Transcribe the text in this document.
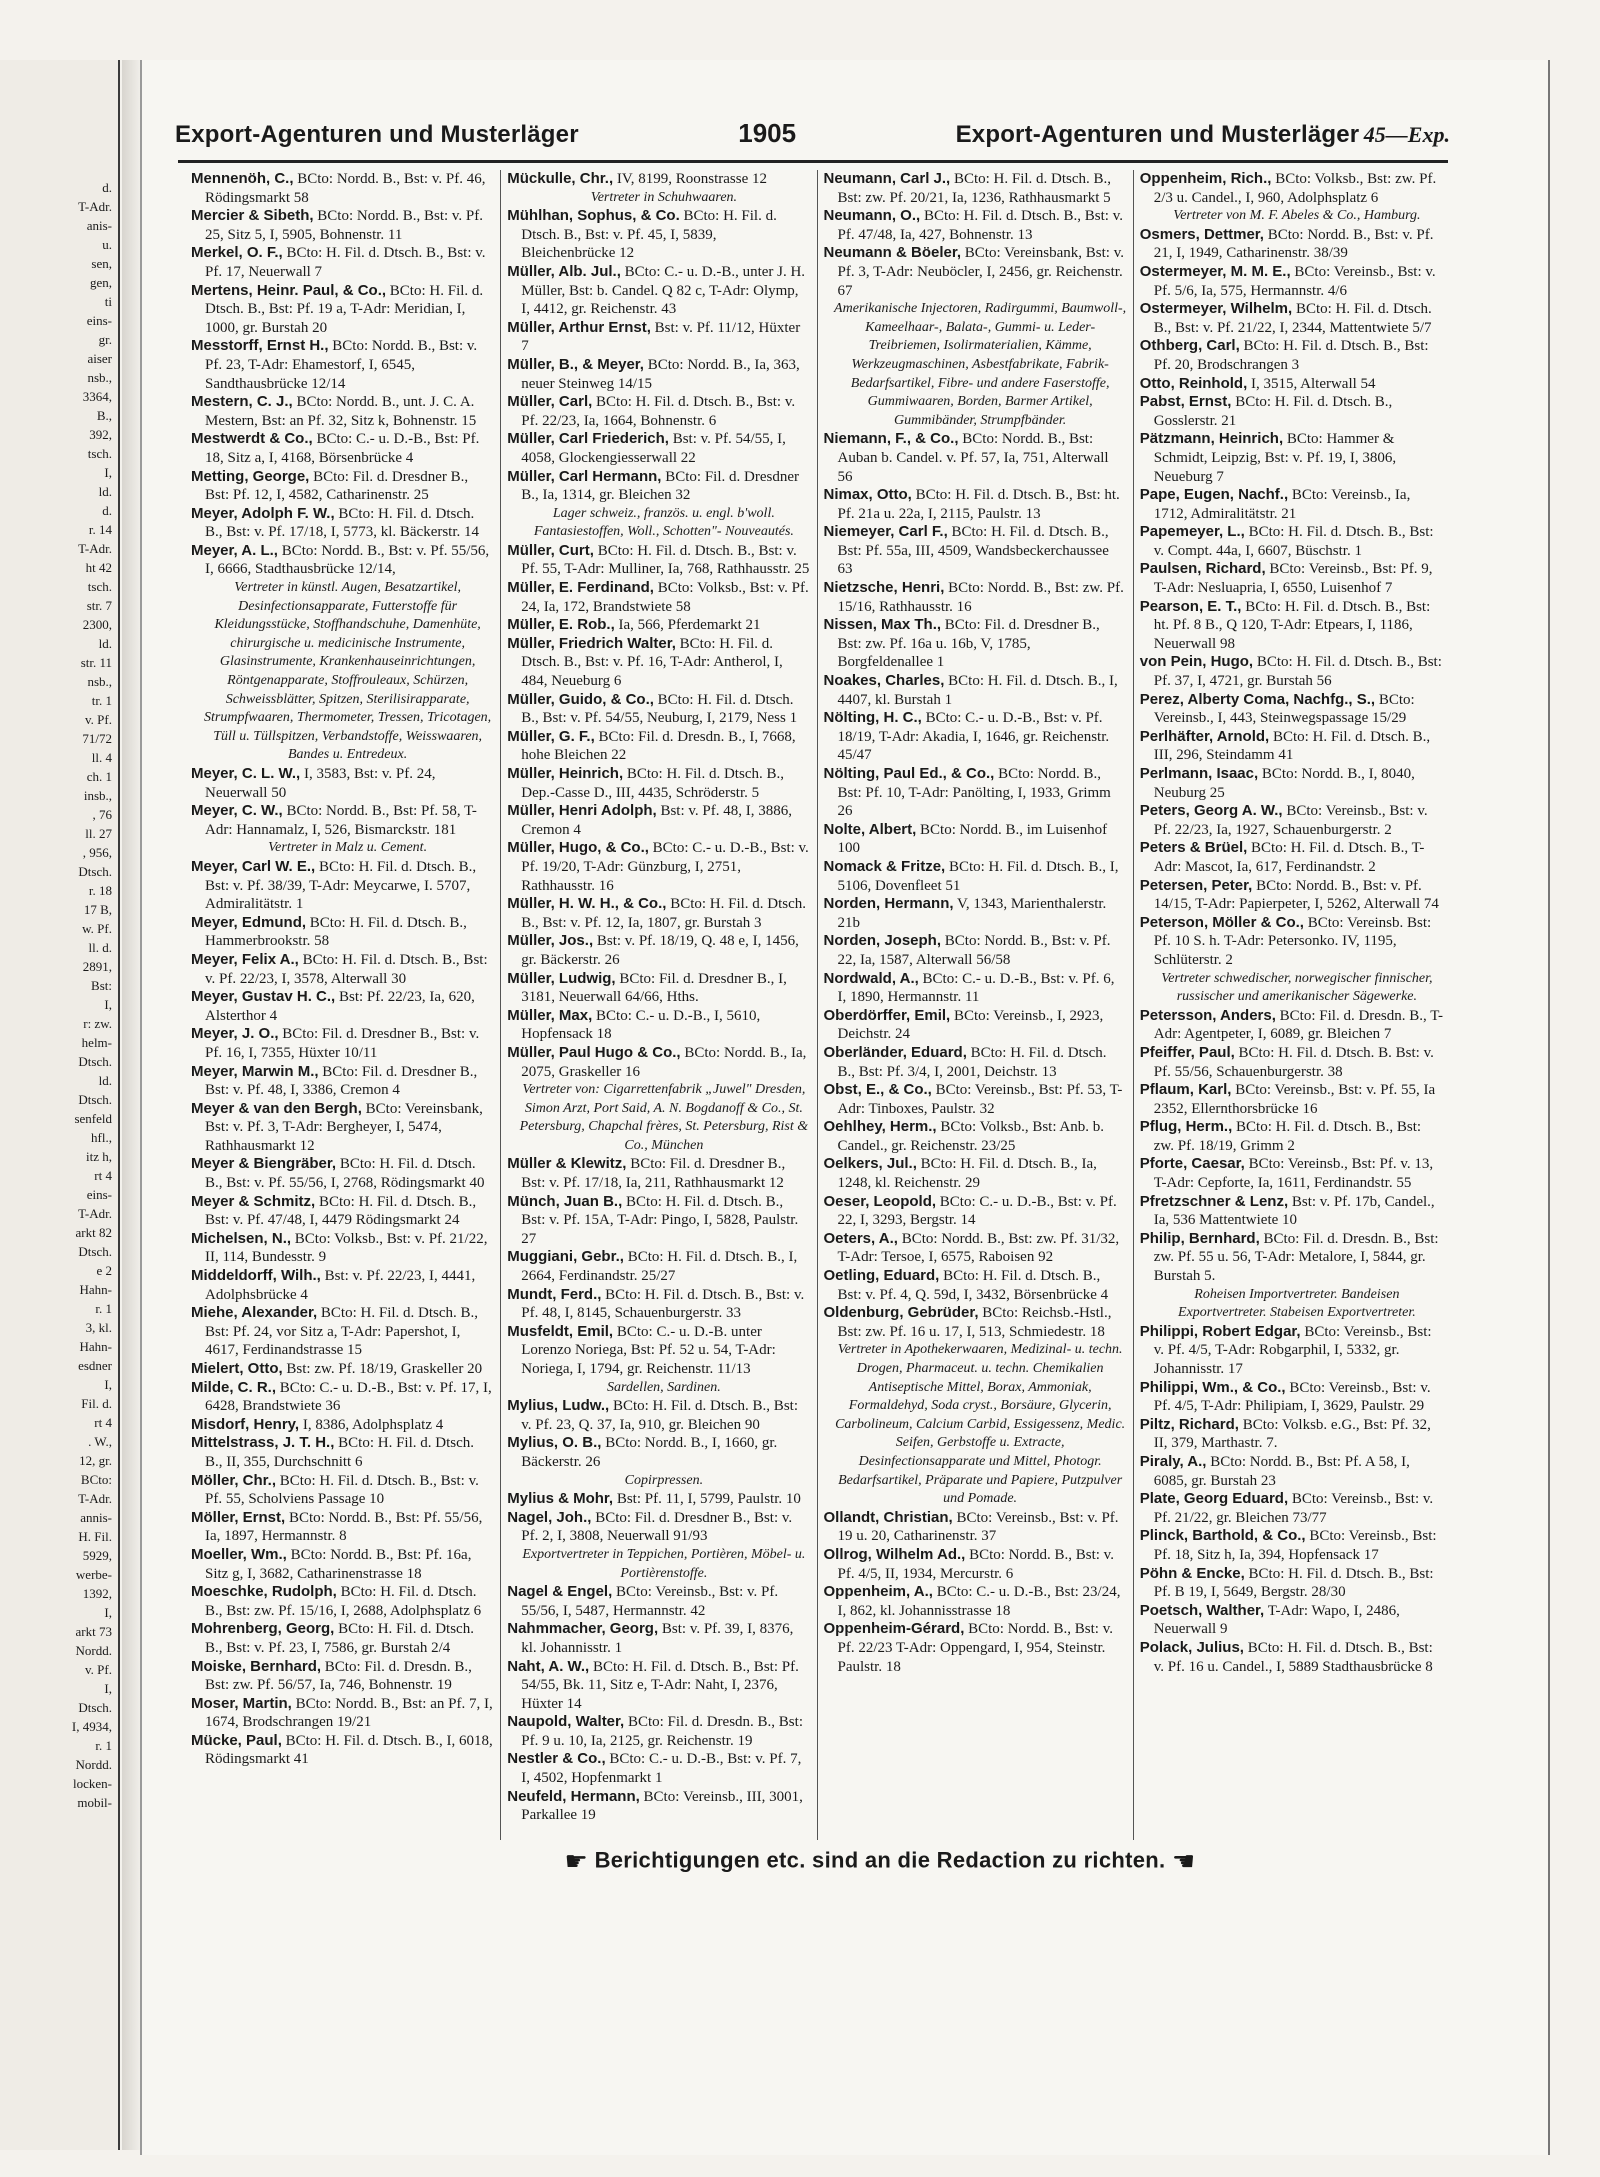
d.
T-Adr.
anis-
u.
sen,
gen,
ti
eins-
gr.
aiser
nsb.,
3364,
B.,
392,
tsch.
I,
ld.
d.
r. 14
T-Adr.
ht 42
tsch.
str. 7
2300,
ld.
str. 11
nsb.,
tr. 1
v. Pf.
71/72
ll. 4
ch. 1
insb.,
, 76
ll. 27
, 956,
Dtsch.
r. 18
17 B,
w. Pf.
ll. d.
2891,
Bst:
I,
r: zw.
helm-
Dtsch.
ld.
Dtsch.
senfeld
hfl.,
itz h,
rt 4
eins-
T-Adr.
arkt 82
Dtsch.
e 2
Hahn-
r. 1
3, kl.
Hahn-
esdner
I,
Fil. d.
rt 4
. W.,
12, gr.
BCto:
T-Adr.
annis-
H. Fil.
5929,
werbe-
1392,
I,
arkt 73
Nordd.
v. Pf.
I,
Dtsch.
I, 4934,
r. 1
Nordd.
locken-
mobil-
Export-Agenturen und Musterläger	1905	Export-Agenturen und Musterläger 45—Exp.
Mennenöh, C., BCto: Nordd. B., Bst: v. Pf. 46, Rödingsmarkt 58
Mercier & Sibeth, BCto: Nordd. B., Bst: v. Pf. 25, Sitz 5, I, 5905, Bohnenstr. 11
Merkel, O. F., BCto: H. Fil. d. Dtsch. B., Bst: v. Pf. 17, Neuerwall 7
Mertens, Heinr. Paul, & Co., BCto: H. Fil. d. Dtsch. B., Bst: Pf. 19 a, T-Adr: Meridian, I, 1000, gr. Burstah 20
Messtorff, Ernst H., BCto: Nordd. B., Bst: v. Pf. 23, T-Adr: Ehamestorf, I, 6545, Sandthausbrücke 12/14
Mestern, C. J., BCto: Nordd. B., unt. J. C. A. Mestern, Bst: an Pf. 32, Sitz k, Bohnenstr. 15
Mestwerdt & Co., BCto: C.- u. D.-B., Bst: Pf. 18, Sitz a, I, 4168, Börsenbrücke 4
Metting, George, BCto: Fil. d. Dresdner B., Bst: Pf. 12, I, 4582, Catharinenstr. 25
Meyer, Adolph F. W., BCto: H. Fil. d. Dtsch. B., Bst: v. Pf. 17/18, I, 5773, kl. Bäckerstr. 14
Meyer, A. L., BCto: Nordd. B., Bst: v. Pf. 55/56, I, 6666, Stadthausbrücke 12/14,
Vertreter in künstl. Augen, Besatzartikel, Desinfectionsapparate, Futterstoffe für Kleidungsstücke, Stoffhandschuhe, Damenhüte, chirurgische u. medicinische Instrumente, Glasinstrumente, Krankenhauseinrichtungen, Röntgenapparate, Stoffrouleaux, Schürzen, Schweissblätter, Spitzen, Sterilisirapparate, Strumpfwaaren, Thermometer, Tressen, Tricotagen, Tüll u. Tüllspitzen, Verbandstoffe, Weisswaaren, Bandes u. Entredeux.
Meyer, C. L. W., I, 3583, Bst: v. Pf. 24, Neuerwall 50
Meyer, C. W., BCto: Nordd. B., Bst: Pf. 58, T-Adr: Hannamalz, I, 526, Bismarckstr. 181
Vertreter in Malz u. Cement.
Meyer, Carl W. E., BCto: H. Fil. d. Dtsch. B., Bst: v. Pf. 38/39, T-Adr: Meycarwe, I. 5707, Admiralitätstr. 1
Meyer, Edmund, BCto: H. Fil. d. Dtsch. B., Hammerbrookstr. 58
Meyer, Felix A., BCto: H. Fil. d. Dtsch. B., Bst: v. Pf. 22/23, I, 3578, Alterwall 30
Meyer, Gustav H. C., Bst: Pf. 22/23, Ia, 620, Alsterthor 4
Meyer, J. O., BCto: Fil. d. Dresdner B., Bst: v. Pf. 16, I, 7355, Hüxter 10/11
Meyer, Marwin M., BCto: Fil. d. Dresdner B., Bst: v. Pf. 48, I, 3386, Cremon 4
Meyer & van den Bergh, BCto: Vereinsbank, Bst: v. Pf. 3, T-Adr: Bergheyer, I, 5474, Rathhausmarkt 12
Meyer & Biengräber, BCto: H. Fil. d. Dtsch. B., Bst: v. Pf. 55/56, I, 2768, Rödingsmarkt 40
Meyer & Schmitz, BCto: H. Fil. d. Dtsch. B., Bst: v. Pf. 47/48, I, 4479 Rödingsmarkt 24
Michelsen, N., BCto: Volksb., Bst: v. Pf. 21/22, II, 114, Bundesstr. 9
Middeldorff, Wilh., Bst: v. Pf. 22/23, I, 4441, Adolphsbrücke 4
Miehe, Alexander, BCto: H. Fil. d. Dtsch. B., Bst: Pf. 24, vor Sitz a, T-Adr: Papershot, I, 4617, Ferdinandstrasse 15
Mielert, Otto, Bst: zw. Pf. 18/19, Graskeller 20
Milde, C. R., BCto: C.- u. D.-B., Bst: v. Pf. 17, I, 6428, Brandstwiete 36
Misdorf, Henry, I, 8386, Adolphsplatz 4
Mittelstrass, J. T. H., BCto: H. Fil. d. Dtsch. B., II, 355, Durchschnitt 6
Möller, Chr., BCto: H. Fil. d. Dtsch. B., Bst: v. Pf. 55, Scholviens Passage 10
Möller, Ernst, BCto: Nordd. B., Bst: Pf. 55/56, Ia, 1897, Hermannstr. 8
Moeller, Wm., BCto: Nordd. B., Bst: Pf. 16a, Sitz g, I, 3682, Catharinenstrasse 18
Moeschke, Rudolph, BCto: H. Fil. d. Dtsch. B., Bst: zw. Pf. 15/16, I, 2688, Adolphsplatz 6
Mohrenberg, Georg, BCto: H. Fil. d. Dtsch. B., Bst: v. Pf. 23, I, 7586, gr. Burstah 2/4
Moiske, Bernhard, BCto: Fil. d. Dresdn. B., Bst: zw. Pf. 56/57, Ia, 746, Bohnenstr. 19
Moser, Martin, BCto: Nordd. B., Bst: an Pf. 7, I, 1674, Brodschrangen 19/21
Mücke, Paul, BCto: H. Fil. d. Dtsch. B., I, 6018, Rödingsmarkt 41
Mückulle, Chr., IV, 8199, Roonstrasse 12
Vertreter in Schuhwaaren.
Mühlhan, Sophus, & Co. BCto: H. Fil. d. Dtsch. B., Bst: v. Pf. 45, I, 5839, Bleichenbrücke 12
Müller, Alb. Jul., BCto: C.- u. D.-B., unter J. H. Müller, Bst: b. Candel. Q 82 c, T-Adr: Olymp, I, 4412, gr. Reichenstr. 43
Müller, Arthur Ernst, Bst: v. Pf. 11/12, Hüxter 7
Müller, B., & Meyer, BCto: Nordd. B., Ia, 363, neuer Steinweg 14/15
Müller, Carl, BCto: H. Fil. d. Dtsch. B., Bst: v. Pf. 22/23, Ia, 1664, Bohnenstr. 6
Müller, Carl Friederich, Bst: v. Pf. 54/55, I, 4058, Glockengiesserwall 22
Müller, Carl Hermann, BCto: Fil. d. Dresdner B., Ia, 1314, gr. Bleichen 32
Lager schweiz., französ. u. engl. b'woll. Fantasiestoffen, Woll., Schotten"- Nouveautés.
Müller, Curt, BCto: H. Fil. d. Dtsch. B., Bst: v. Pf. 55, T-Adr: Mulliner, Ia, 768, Rathhausstr. 25
Müller, E. Ferdinand, BCto: Volksb., Bst: v. Pf. 24, Ia, 172, Brandstwiete 58
Müller, E. Rob., Ia, 566, Pferdemarkt 21
Müller, Friedrich Walter, BCto: H. Fil. d. Dtsch. B., Bst: v. Pf. 16, T-Adr: Antherol, I, 484, Neueburg 6
Müller, Guido, & Co., BCto: H. Fil. d. Dtsch. B., Bst: v. Pf. 54/55, Neuburg, I, 2179, Ness 1
Müller, G. F., BCto: Fil. d. Dresdn. B., I, 7668, hohe Bleichen 22
Müller, Heinrich, BCto: H. Fil. d. Dtsch. B., Dep.-Casse D., III, 4435, Schröderstr. 5
Müller, Henri Adolph, Bst: v. Pf. 48, I, 3886, Cremon 4
Müller, Hugo, & Co., BCto: C.- u. D.-B., Bst: v. Pf. 19/20, T-Adr: Günzburg, I, 2751, Rathhausstr. 16
Müller, H. W. H., & Co., BCto: H. Fil. d. Dtsch. B., Bst: v. Pf. 12, Ia, 1807, gr. Burstah 3
Müller, Jos., Bst: v. Pf. 18/19, Q. 48 e, I, 1456, gr. Bäckerstr. 26
Müller, Ludwig, BCto: Fil. d. Dresdner B., I, 3181, Neuerwall 64/66, Hths.
Müller, Max, BCto: C.- u. D.-B., I, 5610, Hopfensack 18
Müller, Paul Hugo & Co., BCto: Nordd. B., Ia, 2075, Graskeller 16
Vertreter von: Cigarrettenfabrik „Juwel" Dresden, Simon Arzt, Port Said, A. N. Bogdanoff & Co., St. Petersburg, Chapchal frères, St. Petersburg, Rist & Co., München
Müller & Klewitz, BCto: Fil. d. Dresdner B., Bst: v. Pf. 17/18, Ia, 211, Rathhausmarkt 12
Münch, Juan B., BCto: H. Fil. d. Dtsch. B., Bst: v. Pf. 15A, T-Adr: Pingo, I, 5828, Paulstr. 27
Muggiani, Gebr., BCto: H. Fil. d. Dtsch. B., I, 2664, Ferdinandstr. 25/27
Mundt, Ferd., BCto: H. Fil. d. Dtsch. B., Bst: v. Pf. 48, I, 8145, Schauenburgerstr. 33
Musfeldt, Emil, BCto: C.- u. D.-B. unter Lorenzo Noriega, Bst: Pf. 52 u. 54, T-Adr: Noriega, I, 1794, gr. Reichenstr. 11/13
Sardellen, Sardinen.
Mylius, Ludw., BCto: H. Fil. d. Dtsch. B., Bst: v. Pf. 23, Q. 37, Ia, 910, gr. Bleichen 90
Mylius, O. B., BCto: Nordd. B., I, 1660, gr. Bäckerstr. 26
Copirpressen.
Mylius & Mohr, Bst: Pf. 11, I, 5799, Paulstr. 10
Nagel, Joh., BCto: Fil. d. Dresdner B., Bst: v. Pf. 2, I, 3808, Neuerwall 91/93
Exportvertreter in Teppichen, Portièren, Möbel- u. Portièrenstoffe.
Nagel & Engel, BCto: Vereinsb., Bst: v. Pf. 55/56, I, 5487, Hermannstr. 42
Nahmmacher, Georg, Bst: v. Pf. 39, I, 8376, kl. Johannisstr. 1
Naht, A. W., BCto: H. Fil. d. Dtsch. B., Bst: Pf. 54/55, Bk. 11, Sitz e, T-Adr: Naht, I, 2376, Hüxter 14
Naupold, Walter, BCto: Fil. d. Dresdn. B., Bst: Pf. 9 u. 10, Ia, 2125, gr. Reichenstr. 19
Nestler & Co., BCto: C.- u. D.-B., Bst: v. Pf. 7, I, 4502, Hopfenmarkt 1
Neufeld, Hermann, BCto: Vereinsb., III, 3001, Parkallee 19
Neumann, Carl J., BCto: H. Fil. d. Dtsch. B., Bst: zw. Pf. 20/21, Ia, 1236, Rathhausmarkt 5
Neumann, O., BCto: H. Fil. d. Dtsch. B., Bst: v. Pf. 47/48, Ia, 427, Bohnenstr. 13
Neumann & Böeler, BCto: Vereinsbank, Bst: v. Pf. 3, T-Adr: Neuböcler, I, 2456, gr. Reichenstr. 67
Amerikanische Injectoren, Radirgummi, Baumwoll-, Kameelhaar-, Balata-, Gummi- u. Leder-Treibriemen, Isolirmaterialien, Kämme, Werkzeugmaschinen, Asbestfabrikate, Fabrik-Bedarfsartikel, Fibre- und andere Faserstoffe, Gummiwaaren, Borden, Barmer Artikel, Gummibänder, Strumpfbänder.
Niemann, F., & Co., BCto: Nordd. B., Bst: Auban b. Candel. v. Pf. 57, Ia, 751, Alterwall 56
Nimax, Otto, BCto: H. Fil. d. Dtsch. B., Bst: ht. Pf. 21a u. 22a, I, 2115, Paulstr. 13
Niemeyer, Carl F., BCto: H. Fil. d. Dtsch. B., Bst: Pf. 55a, III, 4509, Wandsbeckerchaussee 63
Nietzsche, Henri, BCto: Nordd. B., Bst: zw. Pf. 15/16, Rathhausstr. 16
Nissen, Max Th., BCto: Fil. d. Dresdner B., Bst: zw. Pf. 16a u. 16b, V, 1785, Borgfeldenallee 1
Noakes, Charles, BCto: H. Fil. d. Dtsch. B., I, 4407, kl. Burstah 1
Nölting, H. C., BCto: C.- u. D.-B., Bst: v. Pf. 18/19, T-Adr: Akadia, I, 1646, gr. Reichenstr. 45/47
Nölting, Paul Ed., & Co., BCto: Nordd. B., Bst: Pf. 10, T-Adr: Panölting, I, 1933, Grimm 26
Nolte, Albert, BCto: Nordd. B., im Luisenhof 100
Nomack & Fritze, BCto: H. Fil. d. Dtsch. B., I, 5106, Dovenfleet 51
Norden, Hermann, V, 1343, Marienthalerstr. 21b
Norden, Joseph, BCto: Nordd. B., Bst: v. Pf. 22, Ia, 1587, Alterwall 56/58
Nordwald, A., BCto: C.- u. D.-B., Bst: v. Pf. 6, I, 1890, Hermannstr. 11
Oberdörffer, Emil, BCto: Vereinsb., I, 2923, Deichstr. 24
Oberländer, Eduard, BCto: H. Fil. d. Dtsch. B., Bst: Pf. 3/4, I, 2001, Deichstr. 13
Obst, E., & Co., BCto: Vereinsb., Bst: Pf. 53, T-Adr: Tinboxes, Paulstr. 32
Oehlhey, Herm., BCto: Volksb., Bst: Anb. b. Candel., gr. Reichenstr. 23/25
Oelkers, Jul., BCto: H. Fil. d. Dtsch. B., Ia, 1248, kl. Reichenstr. 29
Oeser, Leopold, BCto: C.- u. D.-B., Bst: v. Pf. 22, I, 3293, Bergstr. 14
Oeters, A., BCto: Nordd. B., Bst: zw. Pf. 31/32, T-Adr: Tersoe, I, 6575, Raboisen 92
Oetling, Eduard, BCto: H. Fil. d. Dtsch. B., Bst: v. Pf. 4, Q. 59d, I, 3432, Börsenbrücke 4
Oldenburg, Gebrüder, BCto: Reichsb.-Hstl., Bst: zw. Pf. 16 u. 17, I, 513, Schmiedestr. 18
Vertreter in Apothekerwaaren, Medizinal- u. techn. Drogen, Pharmaceut. u. techn. Chemikalien Antiseptische Mittel, Borax, Ammoniak, Formaldehyd, Soda cryst., Borsäure, Glycerin, Carbolineum, Calcium Carbid, Essigessenz, Medic. Seifen, Gerbstoffe u. Extracte, Desinfectionsapparate und Mittel, Photogr. Bedarfsartikel, Präparate und Papiere, Putzpulver und Pomade.
Ollandt, Christian, BCto: Vereinsb., Bst: v. Pf. 19 u. 20, Catharinenstr. 37
Ollrog, Wilhelm Ad., BCto: Nordd. B., Bst: v. Pf. 4/5, II, 1934, Mercurstr. 6
Oppenheim, A., BCto: C.- u. D.-B., Bst: 23/24, I, 862, kl. Johannisstrasse 18
Oppenheim-Gérard, BCto: Nordd. B., Bst: v. Pf. 22/23 T-Adr: Oppengard, I, 954, Steinstr. Paulstr. 18
Oppenheim, Rich., BCto: Volksb., Bst: zw. Pf. 2/3 u. Candel., I, 960, Adolphsplatz 6
Vertreter von M. F. Abeles & Co., Hamburg.
Osmers, Dettmer, BCto: Nordd. B., Bst: v. Pf. 21, I, 1949, Catharinenstr. 38/39
Ostermeyer, M. M. E., BCto: Vereinsb., Bst: v. Pf. 5/6, Ia, 575, Hermannstr. 4/6
Ostermeyer, Wilhelm, BCto: H. Fil. d. Dtsch. B., Bst: v. Pf. 21/22, I, 2344, Mattentwiete 5/7
Othberg, Carl, BCto: H. Fil. d. Dtsch. B., Bst: Pf. 20, Brodschrangen 3
Otto, Reinhold, I, 3515, Alterwall 54
Pabst, Ernst, BCto: H. Fil. d. Dtsch. B., Gosslerstr. 21
Pätzmann, Heinrich, BCto: Hammer & Schmidt, Leipzig, Bst: v. Pf. 19, I, 3806, Neueburg 7
Pape, Eugen, Nachf., BCto: Vereinsb., Ia, 1712, Admiralitätstr. 21
Papemeyer, L., BCto: H. Fil. d. Dtsch. B., Bst: v. Compt. 44a, I, 6607, Büschstr. 1
Paulsen, Richard, BCto: Vereinsb., Bst: Pf. 9, T-Adr: Nesluapria, I, 6550, Luisenhof 7
Pearson, E. T., BCto: H. Fil. d. Dtsch. B., Bst: ht. Pf. 8 B., Q 120, T-Adr: Etpears, I, 1186, Neuerwall 98
von Pein, Hugo, BCto: H. Fil. d. Dtsch. B., Bst: Pf. 37, I, 4721, gr. Burstah 56
Perez, Alberty Coma, Nachfg., S., BCto: Vereinsb., I, 443, Steinwegspassage 15/29
Perlhäfter, Arnold, BCto: H. Fil. d. Dtsch. B., III, 296, Steindamm 41
Perlmann, Isaac, BCto: Nordd. B., I, 8040, Neuburg 25
Peters, Georg A. W., BCto: Vereinsb., Bst: v. Pf. 22/23, Ia, 1927, Schauenburgerstr. 2
Peters & Brüel, BCto: H. Fil. d. Dtsch. B., T-Adr: Mascot, Ia, 617, Ferdinandstr. 2
Petersen, Peter, BCto: Nordd. B., Bst: v. Pf. 14/15, T-Adr: Papierpeter, I, 5262, Alterwall 74
Peterson, Möller & Co., BCto: Vereinsb. Bst: Pf. 10 S. h. T-Adr: Petersonko. IV, 1195, Schlüterstr. 2
Vertreter schwedischer, norwegischer finnischer, russischer und amerikanischer Sägewerke.
Petersson, Anders, BCto: Fil. d. Dresdn. B., T-Adr: Agentpeter, I, 6089, gr. Bleichen 7
Pfeiffer, Paul, BCto: H. Fil. d. Dtsch. B. Bst: v. Pf. 55/56, Schauenburgerstr. 38
Pflaum, Karl, BCto: Vereinsb., Bst: v. Pf. 55, Ia 2352, Ellernthorsbrücke 16
Pflug, Herm., BCto: H. Fil. d. Dtsch. B., Bst: zw. Pf. 18/19, Grimm 2
Pforte, Caesar, BCto: Vereinsb., Bst: Pf. v. 13, T-Adr: Cepforte, Ia, 1611, Ferdinandstr. 55
Pfretzschner & Lenz, Bst: v. Pf. 17b, Candel., Ia, 536 Mattentwiete 10
Philip, Bernhard, BCto: Fil. d. Dresdn. B., Bst: zw. Pf. 55 u. 56, T-Adr: Metalore, I, 5844, gr. Burstah 5.
Roheisen Importvertreter. Bandeisen Exportvertreter. Stabeisen Exportvertreter.
Philippi, Robert Edgar, BCto: Vereinsb., Bst: v. Pf. 4/5, T-Adr: Robgarphil, I, 5332, gr. Johannisstr. 17
Philippi, Wm., & Co., BCto: Vereinsb., Bst: v. Pf. 4/5, T-Adr: Philipiam, I, 3629, Paulstr. 29
Piltz, Richard, BCto: Volksb. e.G., Bst: Pf. 32, II, 379, Marthastr. 7.
Piraly, A., BCto: Nordd. B., Bst: Pf. A 58, I, 6085, gr. Burstah 23
Plate, Georg Eduard, BCto: Vereinsb., Bst: v. Pf. 21/22, gr. Bleichen 73/77
Plinck, Barthold, & Co., BCto: Vereinsb., Bst: Pf. 18, Sitz h, Ia, 394, Hopfensack 17
Pöhn & Encke, BCto: H. Fil. d. Dtsch. B., Bst: Pf. B 19, I, 5649, Bergstr. 28/30
Poetsch, Walther, T-Adr: Wapo, I, 2486, Neuerwall 9
Polack, Julius, BCto: H. Fil. d. Dtsch. B., Bst: v. Pf. 16 u. Candel., I, 5889 Stadthausbrücke 8
☛ Berichtigungen etc. sind an die Redaction zu richten. ☚
